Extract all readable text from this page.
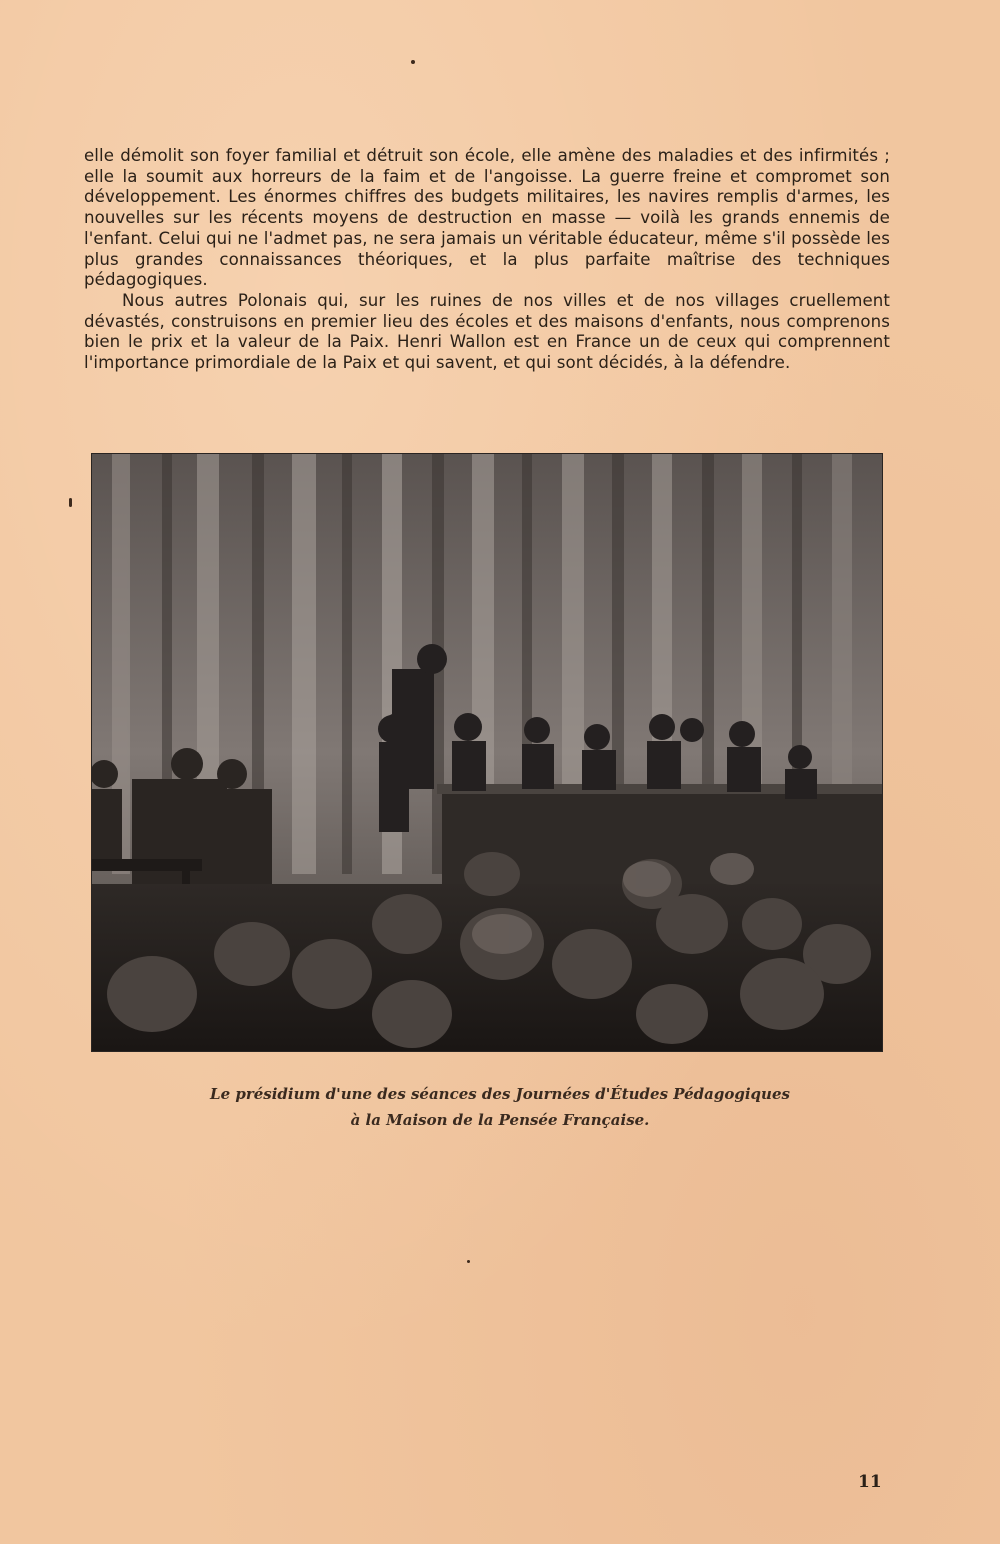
elle démolit son foyer familial et détruit son école, elle amène des maladies et des infirmités ; elle la soumit aux horreurs de la faim et de l'angoisse. La guerre freine et compromet son développement. Les énormes chiffres des budgets militaires, les navires remplis d'armes, les nouvelles sur les récents moyens de destruction en masse — voilà les grands ennemis de l'enfant. Celui qui ne l'admet pas, ne sera jamais un véritable éducateur, même s'il possède les plus grandes connaissances théoriques, et la plus parfaite maîtrise des techniques pédagogiques.

Nous autres Polonais qui, sur les ruines de nos villes et de nos villages cruellement dévastés, construisons en premier lieu des écoles et des maisons d'enfants, nous comprenons bien le prix et la valeur de la Paix. Henri Wallon est en France un de ceux qui comprennent l'importance primordiale de la Paix et qui savent, et qui sont décidés, à la défendre.

Le présidium d'une des séances des Journées d'Études Pédagogiques
à la Maison de la Pensée Française.
11
